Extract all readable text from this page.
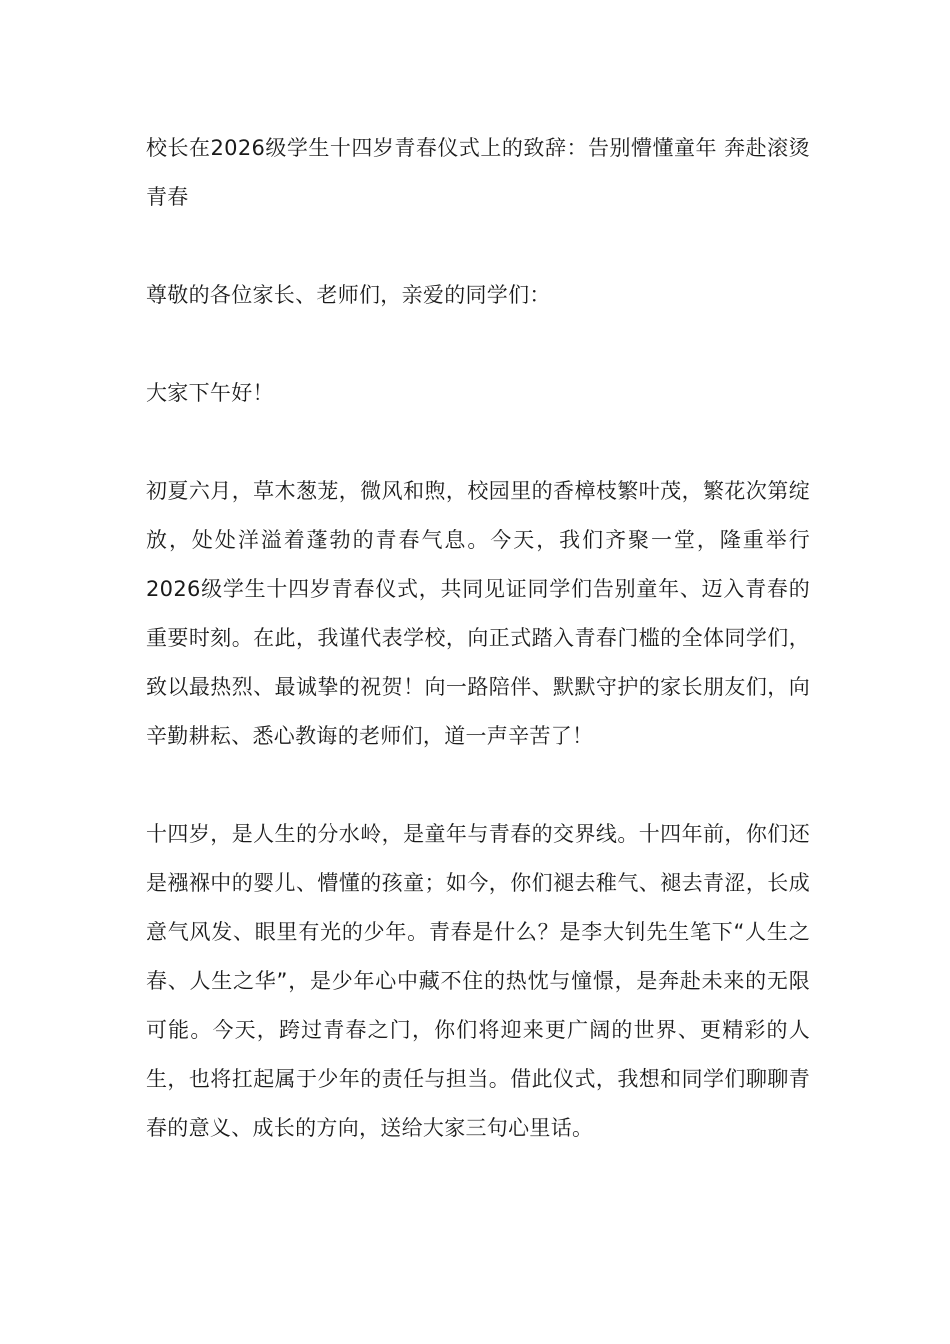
校长在2026级学生十四岁青春仪式上的致辞：告别懵懂童年 奔赴滚烫青春

尊敬的各位家长、老师们，亲爱的同学们：

大家下午好！

初夏六月，草木葱茏，微风和煦，校园里的香樟枝繁叶茂，繁花次第绽放，处处洋溢着蓬勃的青春气息。今天，我们齐聚一堂，隆重举行2026级学生十四岁青春仪式，共同见证同学们告别童年、迈入青春的重要时刻。在此，我谨代表学校，向正式踏入青春门槛的全体同学们，致以最热烈、最诚挚的祝贺！向一路陪伴、默默守护的家长朋友们，向辛勤耕耘、悉心教诲的老师们，道一声辛苦了！

十四岁，是人生的分水岭，是童年与青春的交界线。十四年前，你们还是襁褓中的婴儿、懵懂的孩童；如今，你们褪去稚气、褪去青涩，长成意气风发、眼里有光的少年。青春是什么？是李大钊先生笔下“人生之春、人生之华”，是少年心中藏不住的热忱与憧憬，是奔赴未来的无限可能。今天，跨过青春之门，你们将迎来更广阔的世界、更精彩的人生，也将扛起属于少年的责任与担当。借此仪式，我想和同学们聊聊青春的意义、成长的方向，送给大家三句心里话。
